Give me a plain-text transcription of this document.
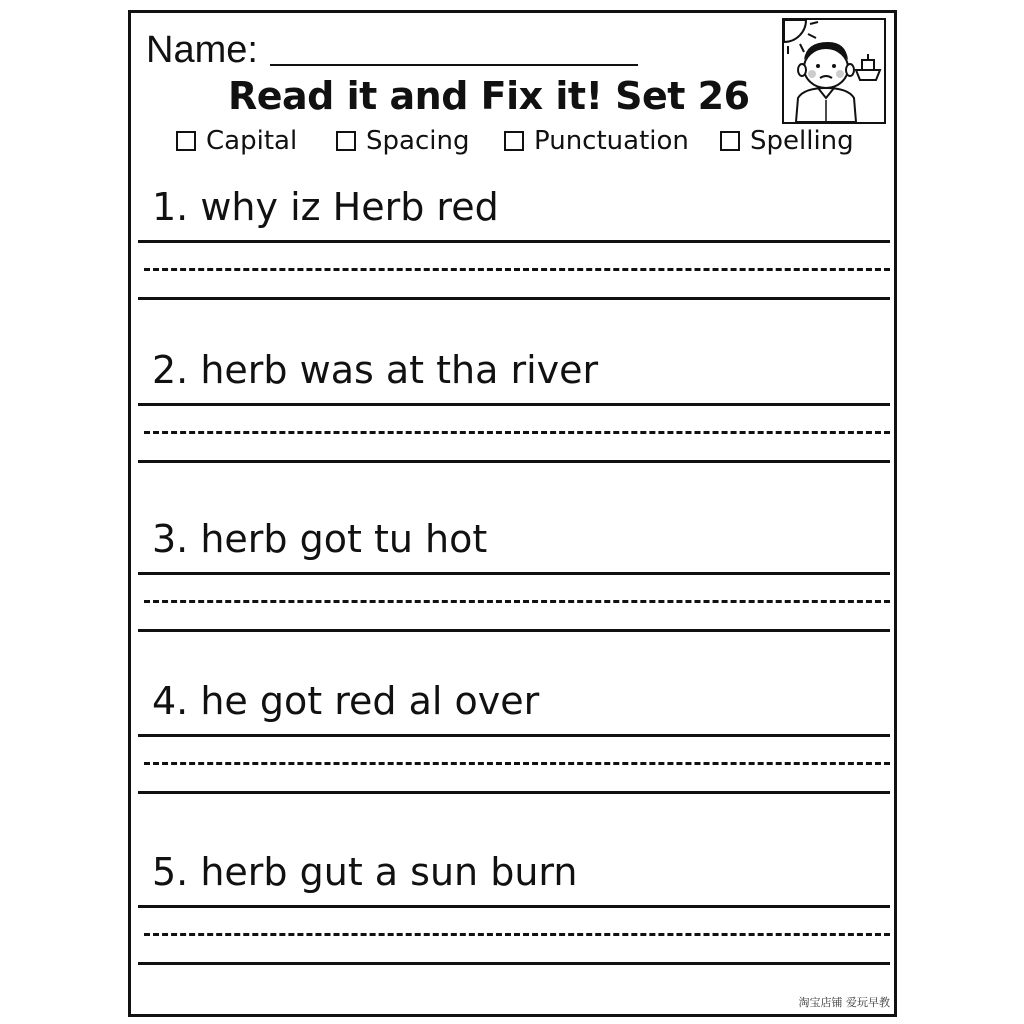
Name:
Read it and Fix it! Set 26
Capital	Spacing Punctuation Spelling
1. why iz Herb red
2. herb was at tha river
3. herb got tu hot
4. he got red al over
5. herb gut a sun burn
淘宝店铺 爱玩早教
